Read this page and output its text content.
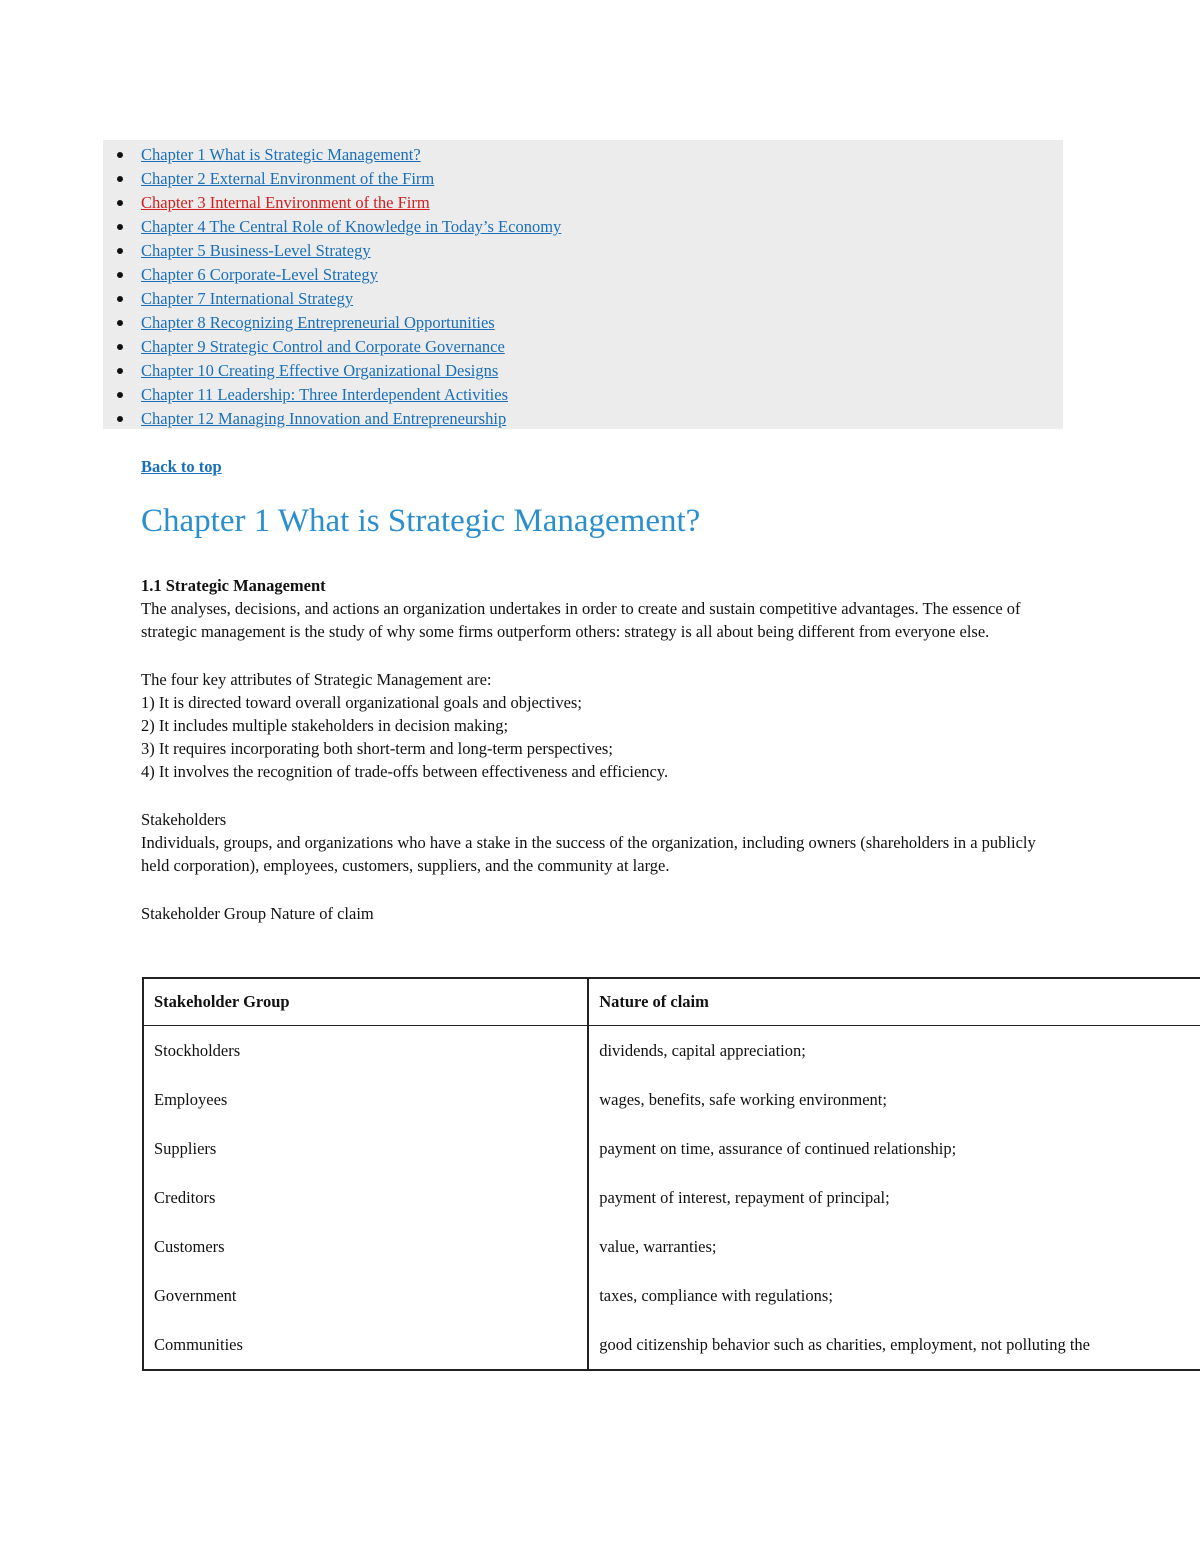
Chapter 1 What is Strategic Management?
Chapter 2 External Environment of the Firm
Chapter 3 Internal Environment of the Firm
Chapter 4 The Central Role of Knowledge in Today’s Economy
Chapter 5 Business-Level Strategy
Chapter 6 Corporate-Level Strategy
Chapter 7 International Strategy
Chapter 8 Recognizing Entrepreneurial Opportunities
Chapter 9 Strategic Control and Corporate Governance
Chapter 10 Creating Effective Organizational Designs
Chapter 11 Leadership: Three Interdependent Activities
Chapter 12 Managing Innovation and Entrepreneurship
Back to top
Chapter 1 What is Strategic Management?

1.1 Strategic Management

The analyses, decisions, and actions an organization undertakes in order to create and sustain competitive advantages. The essence of strategic management is the study of why some firms outperform others: strategy is all about being different from everyone else.

The four key attributes of Strategic Management are:

1) It is directed toward overall organizational goals and objectives;

2) It includes multiple stakeholders in decision making;

3) It requires incorporating both short-term and long-term perspectives;

4) It involves the recognition of trade-offs between effectiveness and efficiency.

Stakeholders

Individuals, groups, and organizations who have a stake in the success of the organization, including owners (shareholders in a publicly held corporation), employees, customers, suppliers, and the community at large.

Stakeholder Group Nature of claim

Stakeholder Group	Nature of claim
Stockholders	dividends, capital appreciation;
Employees	wages, benefits, safe working environment;
Suppliers	payment on time, assurance of continued relationship;
Creditors	payment of interest, repayment of principal;
Customers	value, warranties;
Government	taxes, compliance with regulations;
Communities	good citizenship behavior such as charities, employment, not polluting the
